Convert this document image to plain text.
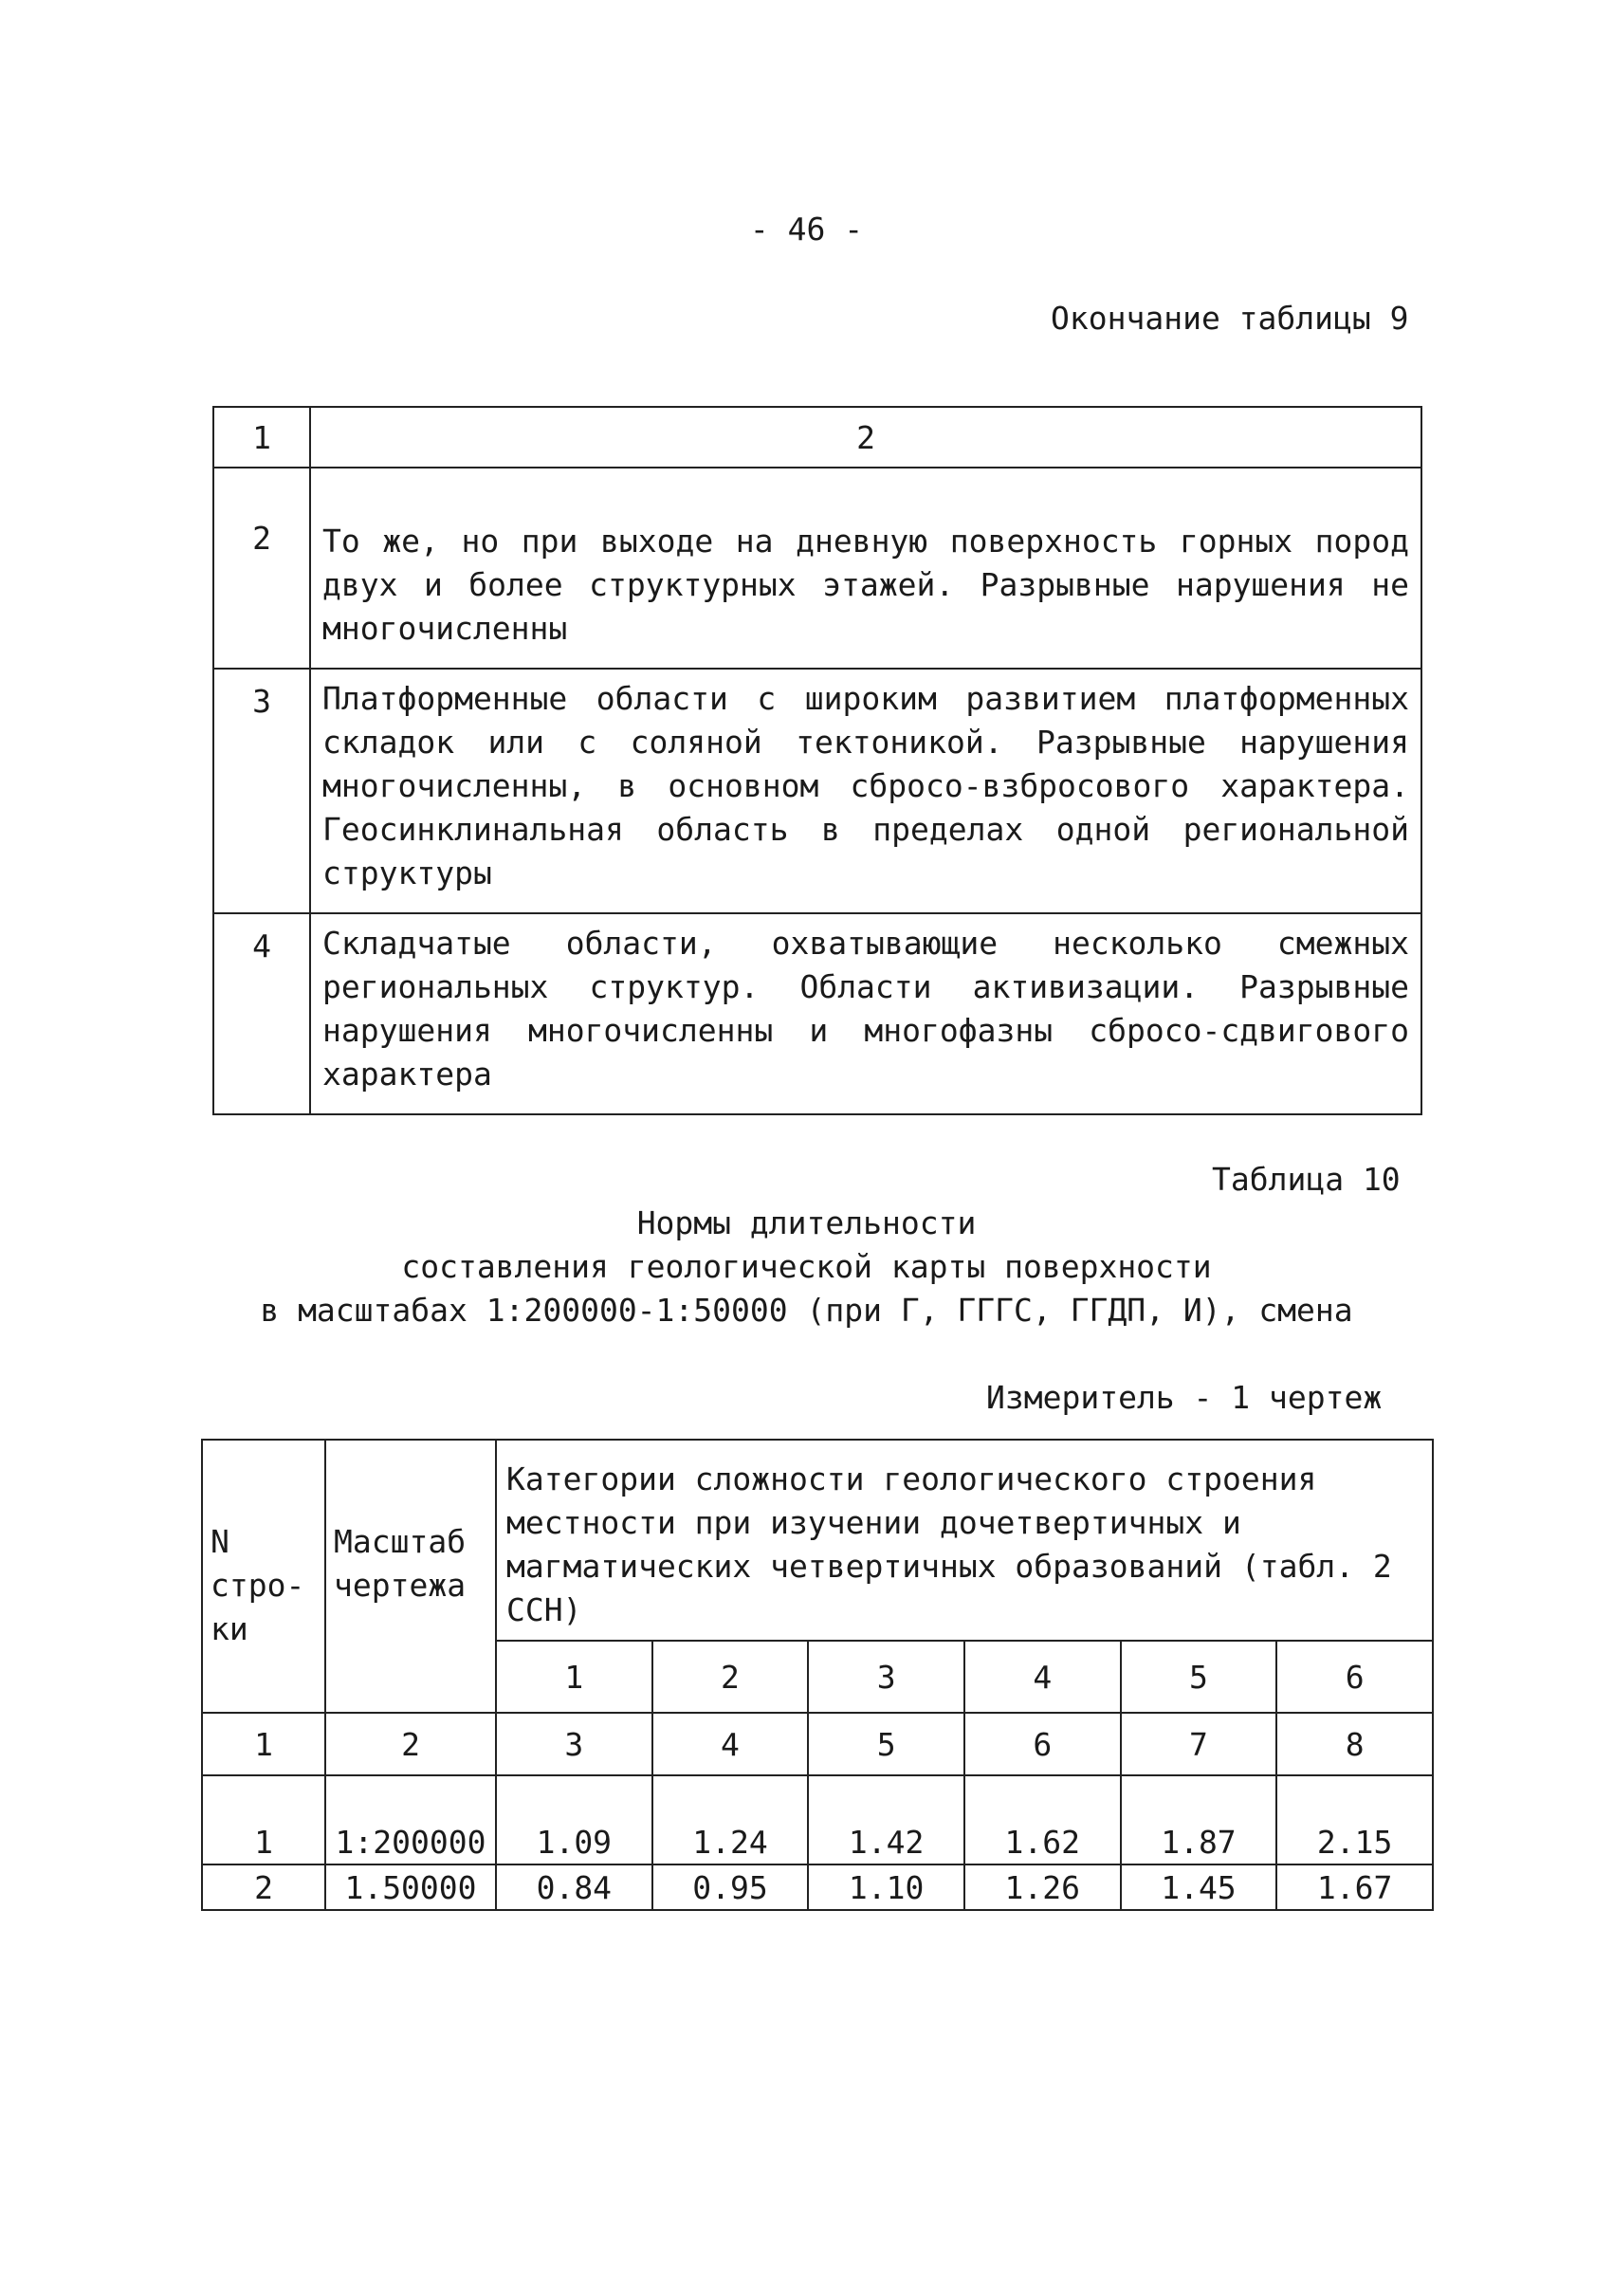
- 46 -
Окончание таблицы 9
1	2
2	То же, но при выходе на дневную поверхность горных пород двух и более структурных этажей. Разрывные нарушения не многочисленны
3	Платформенные области с широким развитием платформенных складок или с соляной тектоникой. Разрывные нарушения многочисленны, в основном сбросо-взбросового характера. Геосинклинальная область в пределах одной региональной структуры
4	Складчатые области, охватывающие несколько смежных региональных структур. Области активизации. Разрывные нарушения многочисленны и многофазны сбросо-сдвигового характера
Таблица 10
Нормы длительности
составления геологической карты поверхности
в масштабах 1:200000-1:50000 (при Г, ГГГС, ГГДП, И), смена
Измеритель - 1 чертеж
N стро-ки	Масштаб чертежа	Категории сложности геологического строения местности при изучении дочетвертичных и магматических четвертичных образований (табл. 2 ССН)					
		1	2	3	4	5	6
1	2	3	4	5	6	7	8
1	1:200000	1.09	1.24	1.42	1.62	1.87	2.15
2	1.50000	0.84	0.95	1.10	1.26	1.45	1.67
